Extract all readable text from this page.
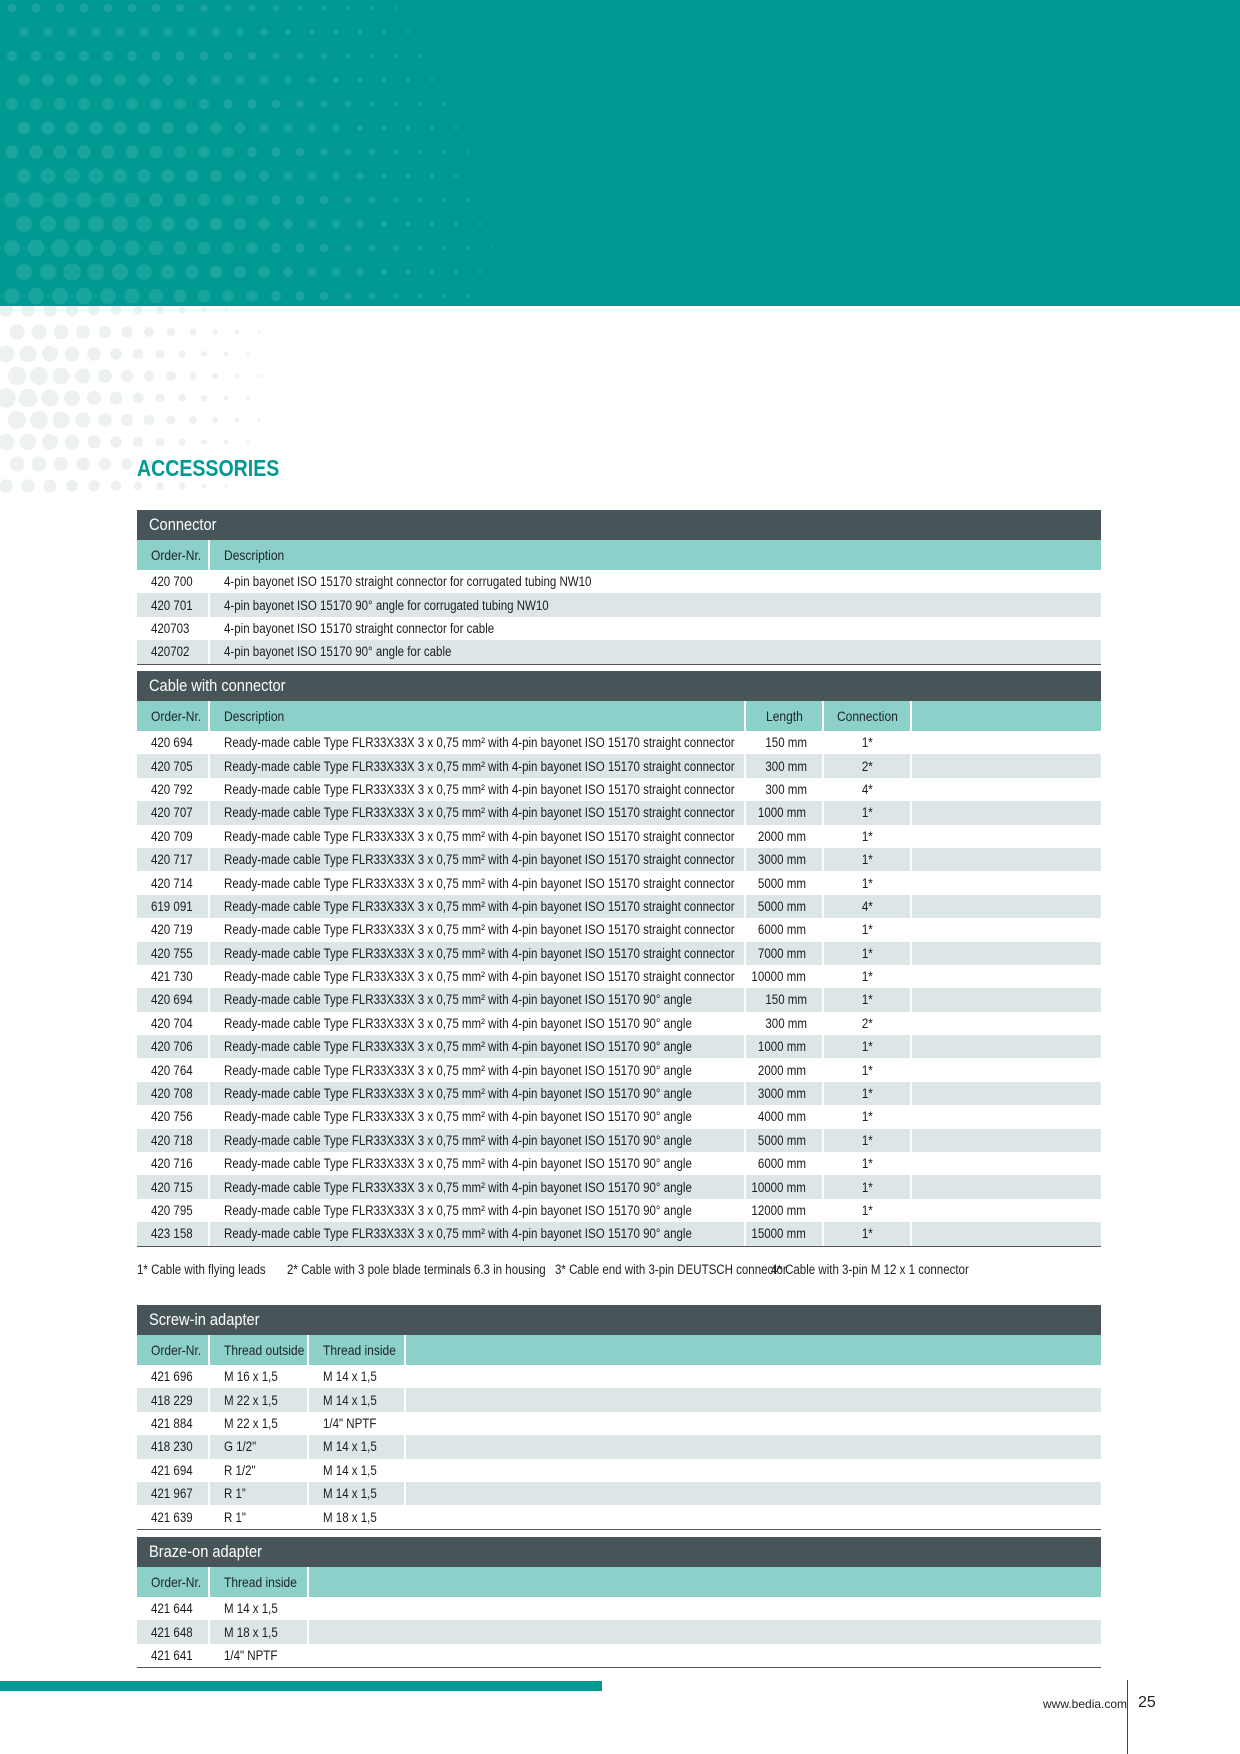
ACCESSORIES
Connector
Order-Nr.	Description
420 700	4-pin bayonet ISO 15170 straight connector for corrugated tubing NW10
420 701	4-pin bayonet ISO 15170 90° angle for corrugated tubing NW10
420703	4-pin bayonet ISO 15170 straight connector for cable
420702	4-pin bayonet ISO 15170 90° angle for cable
Cable with connector
Order-Nr.	Description	Length	Connection	
420 694	Ready-made cable Type FLR33X33X 3 x 0,75 mm² with 4-pin bayonet ISO 15170 straight connector	150 mm	1*	
420 705	Ready-made cable Type FLR33X33X 3 x 0,75 mm² with 4-pin bayonet ISO 15170 straight connector	300 mm	2*	
420 792	Ready-made cable Type FLR33X33X 3 x 0,75 mm² with 4-pin bayonet ISO 15170 straight connector	300 mm	4*	
420 707	Ready-made cable Type FLR33X33X 3 x 0,75 mm² with 4-pin bayonet ISO 15170 straight connector	1000 mm	1*	
420 709	Ready-made cable Type FLR33X33X 3 x 0,75 mm² with 4-pin bayonet ISO 15170 straight connector	2000 mm	1*	
420 717	Ready-made cable Type FLR33X33X 3 x 0,75 mm² with 4-pin bayonet ISO 15170 straight connector	3000 mm	1*	
420 714	Ready-made cable Type FLR33X33X 3 x 0,75 mm² with 4-pin bayonet ISO 15170 straight connector	5000 mm	1*	
619 091	Ready-made cable Type FLR33X33X 3 x 0,75 mm² with 4-pin bayonet ISO 15170 straight connector	5000 mm	4*	
420 719	Ready-made cable Type FLR33X33X 3 x 0,75 mm² with 4-pin bayonet ISO 15170 straight connector	6000 mm	1*	
420 755	Ready-made cable Type FLR33X33X 3 x 0,75 mm² with 4-pin bayonet ISO 15170 straight connector	7000 mm	1*	
421 730	Ready-made cable Type FLR33X33X 3 x 0,75 mm² with 4-pin bayonet ISO 15170 straight connector	10000 mm	1*	
420 694	Ready-made cable Type FLR33X33X 3 x 0,75 mm² with 4-pin bayonet ISO 15170 90° angle	150 mm	1*	
420 704	Ready-made cable Type FLR33X33X 3 x 0,75 mm² with 4-pin bayonet ISO 15170 90° angle	300 mm	2*	
420 706	Ready-made cable Type FLR33X33X 3 x 0,75 mm² with 4-pin bayonet ISO 15170 90° angle	1000 mm	1*	
420 764	Ready-made cable Type FLR33X33X 3 x 0,75 mm² with 4-pin bayonet ISO 15170 90° angle	2000 mm	1*	
420 708	Ready-made cable Type FLR33X33X 3 x 0,75 mm² with 4-pin bayonet ISO 15170 90° angle	3000 mm	1*	
420 756	Ready-made cable Type FLR33X33X 3 x 0,75 mm² with 4-pin bayonet ISO 15170 90° angle	4000 mm	1*	
420 718	Ready-made cable Type FLR33X33X 3 x 0,75 mm² with 4-pin bayonet ISO 15170 90° angle	5000 mm	1*	
420 716	Ready-made cable Type FLR33X33X 3 x 0,75 mm² with 4-pin bayonet ISO 15170 90° angle	6000 mm	1*	
420 715	Ready-made cable Type FLR33X33X 3 x 0,75 mm² with 4-pin bayonet ISO 15170 90° angle	10000 mm	1*	
420 795	Ready-made cable Type FLR33X33X 3 x 0,75 mm² with 4-pin bayonet ISO 15170 90° angle	12000 mm	1*	
423 158	Ready-made cable Type FLR33X33X 3 x 0,75 mm² with 4-pin bayonet ISO 15170 90° angle	15000 mm	1*	
1* Cable with flying leads 2* Cable with 3 pole blade terminals 6.3 in housing 3* Cable end with 3-pin DEUTSCH connector
4* Cable with 3-pin M 12 x 1 connector
Screw-in adapter
Order-Nr.	Thread outside	Thread inside	
421 696	M 16 x 1,5	M 14 x 1,5	
418 229	M 22 x 1,5	M 14 x 1,5	
421 884	M 22 x 1,5	1/4" NPTF	
418 230	G 1/2"	M 14 x 1,5	
421 694	R 1/2"	M 14 x 1,5	
421 967	R 1”	M 14 x 1,5	
421 639	R 1"	M 18 x 1,5	
Braze-on adapter
Order-Nr.	Thread inside	
421 644	M 14 x 1,5	
421 648	M 18 x 1,5	
421 641	1/4" NPTF	
www.bedia.com 25
